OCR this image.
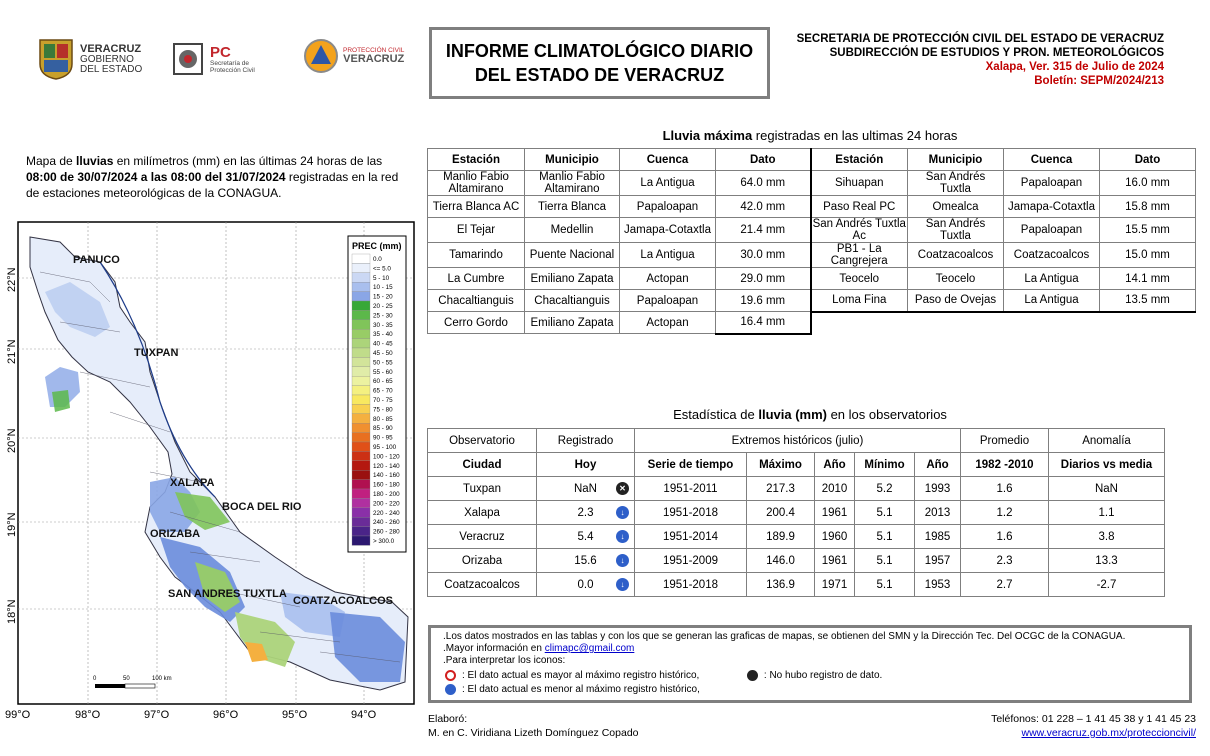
VERACRUZ
GOBIERNO
DEL ESTADO
PC
Secretaría de
Protección Civil
PROTECCIÓN CIVIL
VERACRUZ INFORME CLIMATOLÓGICO DIARIO
DEL ESTADO DE VERACRUZ
SECRETARIA DE PROTECCIÓN CIVIL DEL ESTADO DE VERACRUZ
SUBDIRECCIÓN DE ESTUDIOS Y PRON. METEOROLÓGICOS
Xalapa, Ver. 315 de Julio de 2024
Boletín: SEPM/2024/213
Mapa de lluvias en milímetros (mm) en las últimas 24 horas de las 08:00 de 30/07/2024 a las 08:00 del 31/07/2024 registradas en la red de estaciones meteorológicas de la CONAGUA.
PREC (mm)
0.0
<= 5.0
5 - 10
10 - 15
15 - 20
20 - 25
25 - 30
30 - 35
35 - 40
40 - 45
45 - 50
50 - 55
55 - 60
60 - 65
65 - 70
70 - 75
75 - 80
80 - 85
85 - 90
90 - 95
95 - 100
100 - 120
120 - 140
140 - 160
160 - 180
180 - 200
200 - 220
220 - 240
240 - 260
260 - 280
> 300.0
PANUCO
TUXPAN
XALAPA
BOCA DEL RIO
ORIZABA
SAN ANDRES TUXTLA
COATZACOALCOS
22°N
21°N
20°N
19°N
18°N
99°O	98°O	97°O	96°O	95°O	94°O
0	50	100 km
Lluvia máxima registradas en las ultimas 24 horas
Estación	Municipio	Cuenca	Dato	Estación	Municipio	Cuenca	Dato
Manlio Fabio Altamirano	Manlio Fabio Altamirano	La Antigua	64.0 mm	Sihuapan	San Andrés Tuxtla	Papaloapan	16.0 mm
Tierra Blanca AC	Tierra Blanca	Papaloapan	42.0 mm	Paso Real PC	Omealca	Jamapa-Cotaxtla	15.8 mm
El Tejar	Medellin	Jamapa-Cotaxtla	21.4 mm	San Andrés Tuxtla Ac	San Andrés Tuxtla	Papaloapan	15.5 mm
Tamarindo	Puente Nacional	La Antigua	30.0 mm	PB1 - La Cangrejera	Coatzacoalcos	Coatzacoalcos	15.0 mm
La Cumbre	Emiliano Zapata	Actopan	29.0 mm	Teocelo	Teocelo	La Antigua	14.1 mm
Chacaltianguis	Chacaltianguis	Papaloapan	19.6 mm	Loma Fina	Paso de Ovejas	La Antigua	13.5 mm
Cerro Gordo	Emiliano Zapata	Actopan	16.4 mm				
Estadística de lluvia (mm) en los observatorios
Observatorio	Registrado	Extremos históricos (julio)					Promedio	Anomalía
Ciudad	Hoy	Serie de tiempo	Máximo	Año	Mínimo	Año	1982 -2010	Diarios vs media
Tuxpan	NaN ✕	1951-2011	217.3	2010	5.2	1993	1.6	NaN
Xalapa	2.3 ↓	1951-2018	200.4	1961	5.1	2013	1.2	1.1
Veracruz	5.4 ↓	1951-2014	189.9	1960	5.1	1985	1.6	3.8
Orizaba	15.6 ↓	1951-2009	146.0	1961	5.1	1957	2.3	13.3
Coatzacoalcos	0.0 ↓	1951-2018	136.9	1971	5.1	1953	2.7	-2.7
.Los datos mostrados en las tablas y con los que se generan las graficas de mapas, se obtienen del SMN y la Dirección Tec. Del OCGC de la CONAGUA.
.Mayor información en climapc@gmail.com
.Para interpretar los iconos:
: El dato actual es mayor al máximo registro histórico,	: No hubo registro de dato.
: El dato actual es menor al máximo registro histórico,
Elaboró:
M. en C. Viridiana Lizeth Domínguez Copado
Teléfonos: 01 228 – 1 41 45 38 y 1 41 45 23
www.veracruz.gob.mx/proteccioncivil/
